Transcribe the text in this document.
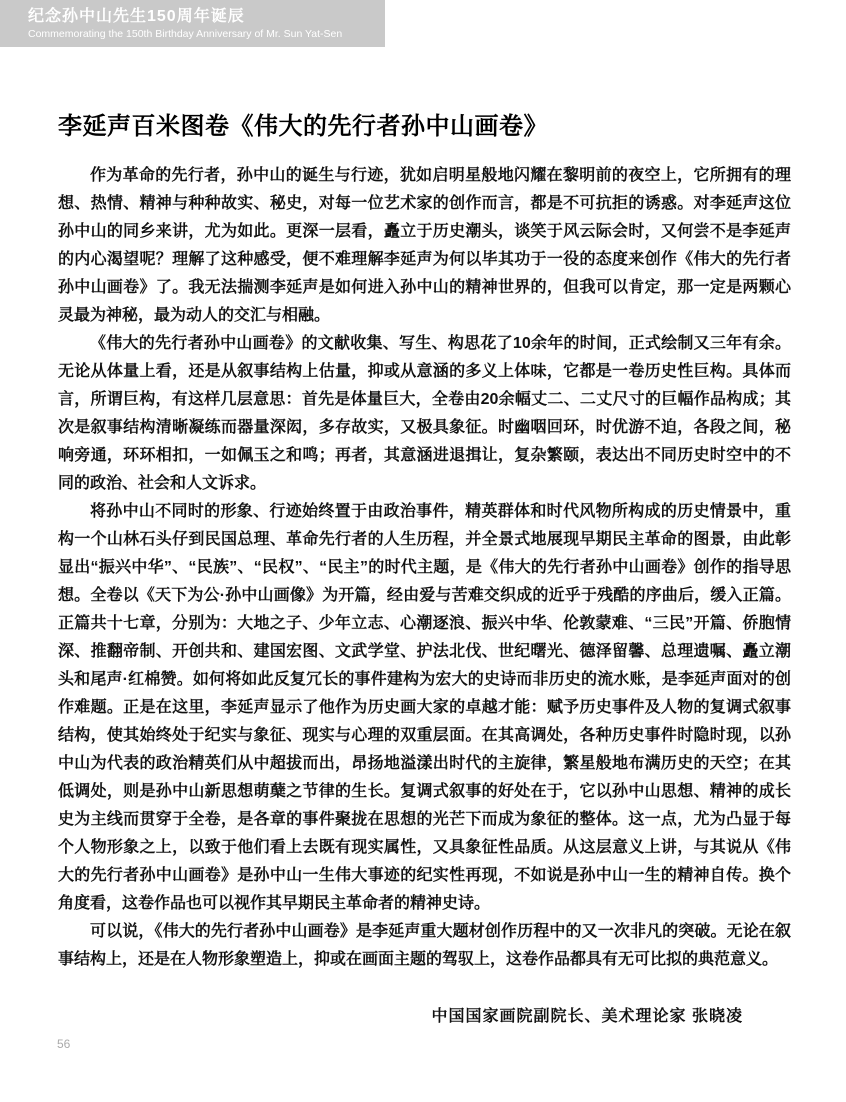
纪念孙中山先生150周年诞辰
Commemorating the 150th Birthday Anniversary of Mr. Sun Yat-Sen
李延声百米图卷《伟大的先行者孙中山画卷》

作为革命的先行者，孙中山的诞生与行迹，犹如启明星般地闪耀在黎明前的夜空上，它所拥有的理想、热情、精神与种种故实、秘史，对每一位艺术家的创作而言，都是不可抗拒的诱惑。对李延声这位孙中山的同乡来讲，尤为如此。更深一层看，矗立于历史潮头，谈笑于风云际会时，又何尝不是李延声的内心渴望呢？理解了这种感受，便不难理解李延声为何以毕其功于一役的态度来创作《伟大的先行者孙中山画卷》了。我无法揣测李延声是如何进入孙中山的精神世界的，但我可以肯定，那一定是两颗心灵最为神秘，最为动人的交汇与相融。

《伟大的先行者孙中山画卷》的文献收集、写生、构思花了10余年的时间，正式绘制又三年有余。无论从体量上看，还是从叙事结构上估量，抑或从意涵的多义上体味，它都是一卷历史性巨构。具体而言，所谓巨构，有这样几层意思：首先是体量巨大，全卷由20余幅丈二、二丈尺寸的巨幅作品构成；其次是叙事结构清晰凝练而器量深闳，多存故实，又极具象征。时幽咽回环，时优游不迫，各段之间，秘响旁通，环环相扣，一如佩玉之和鸣；再者，其意涵进退揖让，复杂繁颐，表达出不同历史时空中的不同的政治、社会和人文诉求。

将孙中山不同时的形象、行迹始终置于由政治事件，精英群体和时代风物所构成的历史情景中，重构一个山林石头仔到民国总理、革命先行者的人生历程，并全景式地展现早期民主革命的图景，由此彰显出“振兴中华”、“民族”、“民权”、“民主”的时代主题，是《伟大的先行者孙中山画卷》创作的指导思想。全卷以《天下为公·孙中山画像》为开篇，经由爱与苦难交织成的近乎于残酷的序曲后，缓入正篇。正篇共十七章，分别为：大地之子、少年立志、心潮逐浪、振兴中华、伦敦蒙难、“三民”开篇、侨胞情深、推翻帝制、开创共和、建国宏图、文武学堂、护法北伐、世纪曙光、德泽留馨、总理遗嘱、矗立潮头和尾声·红棉赞。如何将如此反复冗长的事件建构为宏大的史诗而非历史的流水账，是李延声面对的创作难题。正是在这里，李延声显示了他作为历史画大家的卓越才能：赋予历史事件及人物的复调式叙事结构，使其始终处于纪实与象征、现实与心理的双重层面。在其高调处，各种历史事件时隐时现，以孙中山为代表的政治精英们从中超拔而出，昂扬地溢漾出时代的主旋律，繁星般地布满历史的天空；在其低调处，则是孙中山新思想萌蘖之节律的生长。复调式叙事的好处在于，它以孙中山思想、精神的成长史为主线而贯穿于全卷，是各章的事件聚拢在思想的光芒下而成为象征的整体。这一点，尤为凸显于每个人物形象之上，以致于他们看上去既有现实属性，又具象征性品质。从这层意义上讲，与其说从《伟大的先行者孙中山画卷》是孙中山一生伟大事迹的纪实性再现，不如说是孙中山一生的精神自传。换个角度看，这卷作品也可以视作其早期民主革命者的精神史诗。

可以说，《伟大的先行者孙中山画卷》是李延声重大题材创作历程中的又一次非凡的突破。无论在叙事结构上，还是在人物形象塑造上，抑或在画面主题的驾驭上，这卷作品都具有无可比拟的典范意义。

中国国家画院副院长、美术理论家 张晓凌
56
